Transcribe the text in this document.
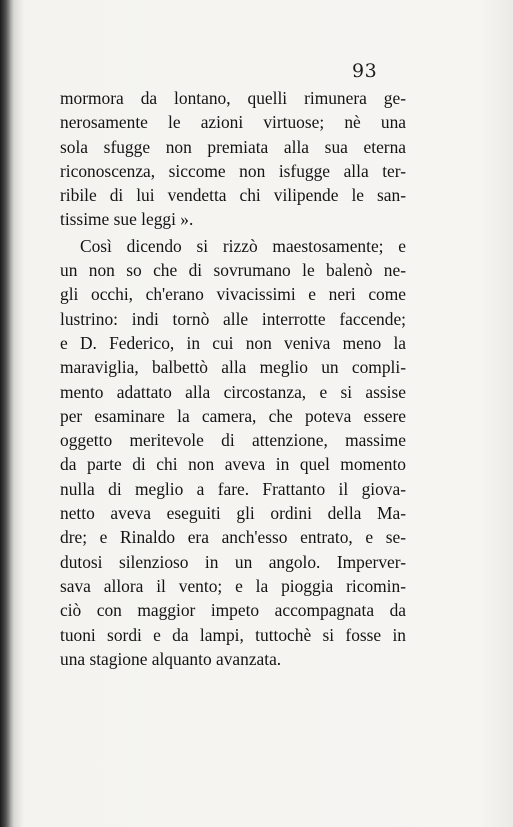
93
mormora da lontano, quelli rimunera ge-
nerosamente le azioni virtuose; nè una
sola sfugge non premiata alla sua eterna
riconoscenza, siccome non isfugge alla ter-
ribile di lui vendetta chi vilipende le san-
tissime sue leggi ».
Così dicendo si rizzò maestosamente; e
un non so che di sovrumano le balenò ne-
gli occhi, ch'erano vivacissimi e neri come
lustrino: indi tornò alle interrotte faccende;
e D. Federico, in cui non veniva meno la
maraviglia, balbettò alla meglio un compli-
mento adattato alla circostanza, e si assise
per esaminare la camera, che poteva essere
oggetto meritevole di attenzione, massime
da parte di chi non aveva in quel momento
nulla di meglio a fare. Frattanto il giova-
netto aveva eseguiti gli ordini della Ma-
dre; e Rinaldo era anch'esso entrato, e se-
dutosi silenzioso in un angolo. Imperver-
sava allora il vento; e la pioggia ricomin-
ciò con maggior impeto accompagnata da
tuoni sordi e da lampi, tuttochè si fosse in
una stagione alquanto avanzata.
